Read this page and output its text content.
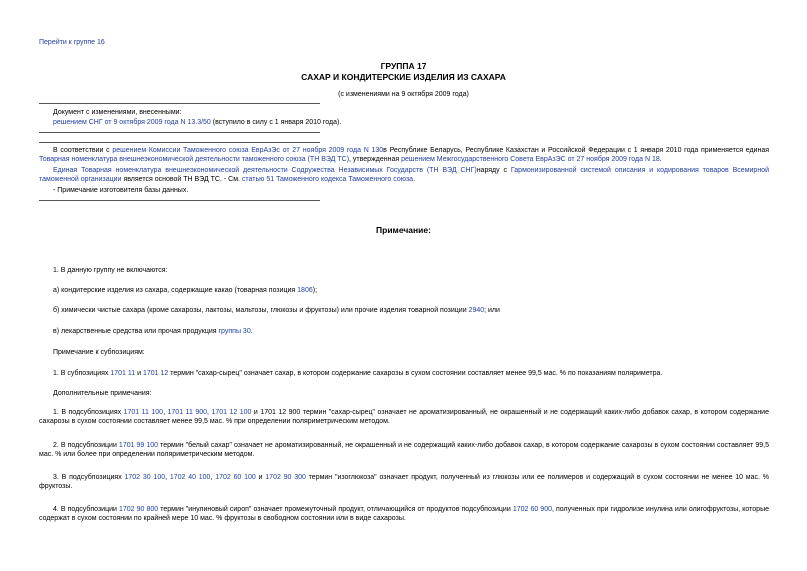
Перейти к группе 16
ГРУППА 17
САХАР И КОНДИТЕРСКИЕ ИЗДЕЛИЯ ИЗ САХАРА
(с изменениями на 9 октября 2009 года)
Документ с изменениями, внесенными:
решением СНГ от 9 октября 2009 года N 13.3/50 (вступило в силу с 1 января 2010 года).
В соответствии с решением Комиссии Таможенного союза ЕврАзЭс от 27 ноября 2009 года N 130в Республике Беларусь, Республике Казахстан и Российской Федерации с 1 января 2010 года применяется единая Товарная номенклатура внешнеэкономической деятельности таможенного союза (ТН ВЭД ТС), утвержденная решением Межгосударственного Совета ЕврАзЭС от 27 ноября 2009 года N 18.
Единая Товарная номенклатура внешнеэкономической деятельности Содружества Независимых Государств (ТН ВЭД СНГ)наряду с Гармонизированной системой описания и кодирования товаров Всемирной таможенной организации является основой ТН ВЭД ТС. - См. статью 51 Таможенного кодекса Таможенного союза.
- Примечание изготовителя базы данных.
Примечание:
1. В данную группу не включаются:
а) кондитерские изделия из сахара, содержащие какао (товарная позиция 1806);
б) химически чистые сахара (кроме сахарозы, лактозы, мальтозы, глюкозы и фруктозы) или прочие изделия товарной позиции 2940; или
в) лекарственные средства или прочая продукция группы 30.
Примечание к субпозициям:
1. В субпозициях 1701 11 и 1701 12 термин "сахар-сырец" означает сахар, в котором содержание сахарозы в сухом состоянии составляет менее 99,5 мас. % по показаниям поляриметра.
Дополнительные примечания:
1. В подсубпозициях 1701 11 100, 1701 11 900, 1701 12 100 и 1701 12 900 термин "сахар-сырец" означает не ароматизированный, не окрашенный и не содержащий каких-либо добавок сахар, в котором содержание сахарозы в сухом состоянии составляет менее 99,5 мас. % при определении поляриметрическим методом.
2. В подсубпозиции 1701 99 100 термин "белый сахар" означает не ароматизированный, не окрашенный и не содержащий каких-либо добавок сахар, в котором содержание сахарозы в сухом состоянии составляет 99,5 мас. % или более при определении поляриметрическим методом.
3. В подсубпозициях 1702 30 100, 1702 40 100, 1702 60 100 и 1702 90 300 термин "изоглюкоза" означает продукт, полученный из глюкозы или ее полимеров и содержащий в сухом состоянии не менее 10 мас. % фруктозы.
4. В подсубпозиции 1702 90 800 термин "инулиновый сироп" означает промежуточный продукт, отличающийся от продуктов подсубпозиции 1702 60 900, полученных при гидролизе инулина или олигофруктозы, которые содержат в сухом состоянии по крайней мере 10 мас. % фруктозы в свободном состоянии или в виде сахарозы.
